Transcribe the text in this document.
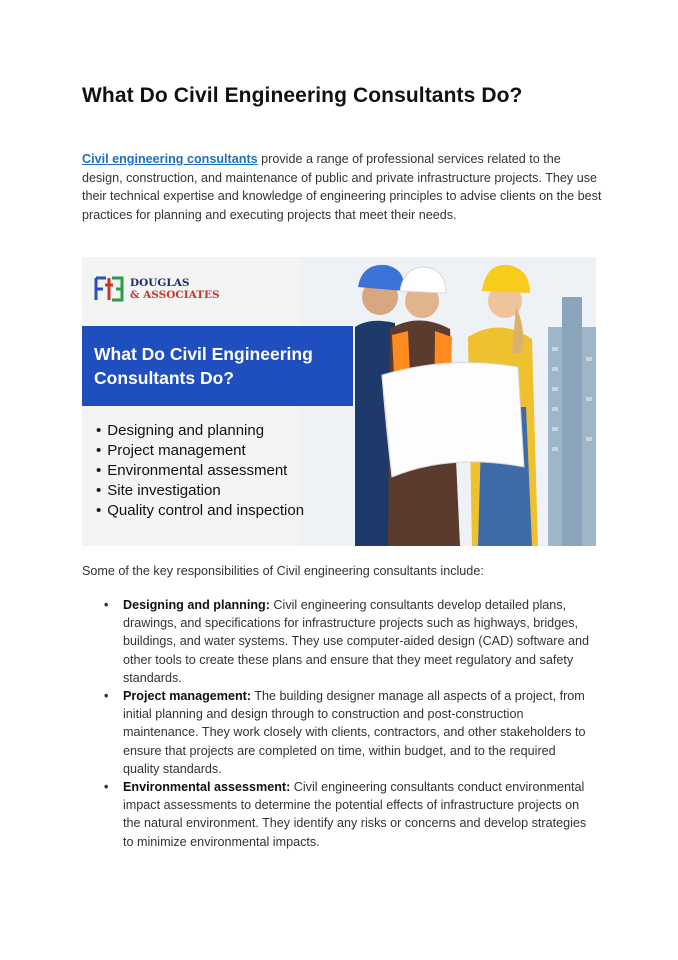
What Do Civil Engineering Consultants Do?

Civil engineering consultants provide a range of professional services related to the design, construction, and maintenance of public and private infrastructure projects. They use their technical expertise and knowledge of engineering principles to advise clients on the best practices for planning and executing projects that meet their needs.

DOUGLAS
& ASSOCIATES
What Do Civil Engineering Consultants Do?
• Designing and planning
• Project management
• Environmental assessment
• Site investigation
• Quality control and inspection

Some of the key responsibilities of Civil engineering consultants include:

• Designing and planning: Civil engineering consultants develop detailed plans, drawings, and specifications for infrastructure projects such as highways, bridges, buildings, and water systems. They use computer-aided design (CAD) software and other tools to create these plans and ensure that they meet regulatory and safety standards.
• Project management: The building designer manage all aspects of a project, from initial planning and design through to construction and post-construction maintenance. They work closely with clients, contractors, and other stakeholders to ensure that projects are completed on time, within budget, and to the required quality standards.
• Environmental assessment: Civil engineering consultants conduct environmental impact assessments to determine the potential effects of infrastructure projects on the natural environment. They identify any risks or concerns and develop strategies to minimize environmental impacts.
